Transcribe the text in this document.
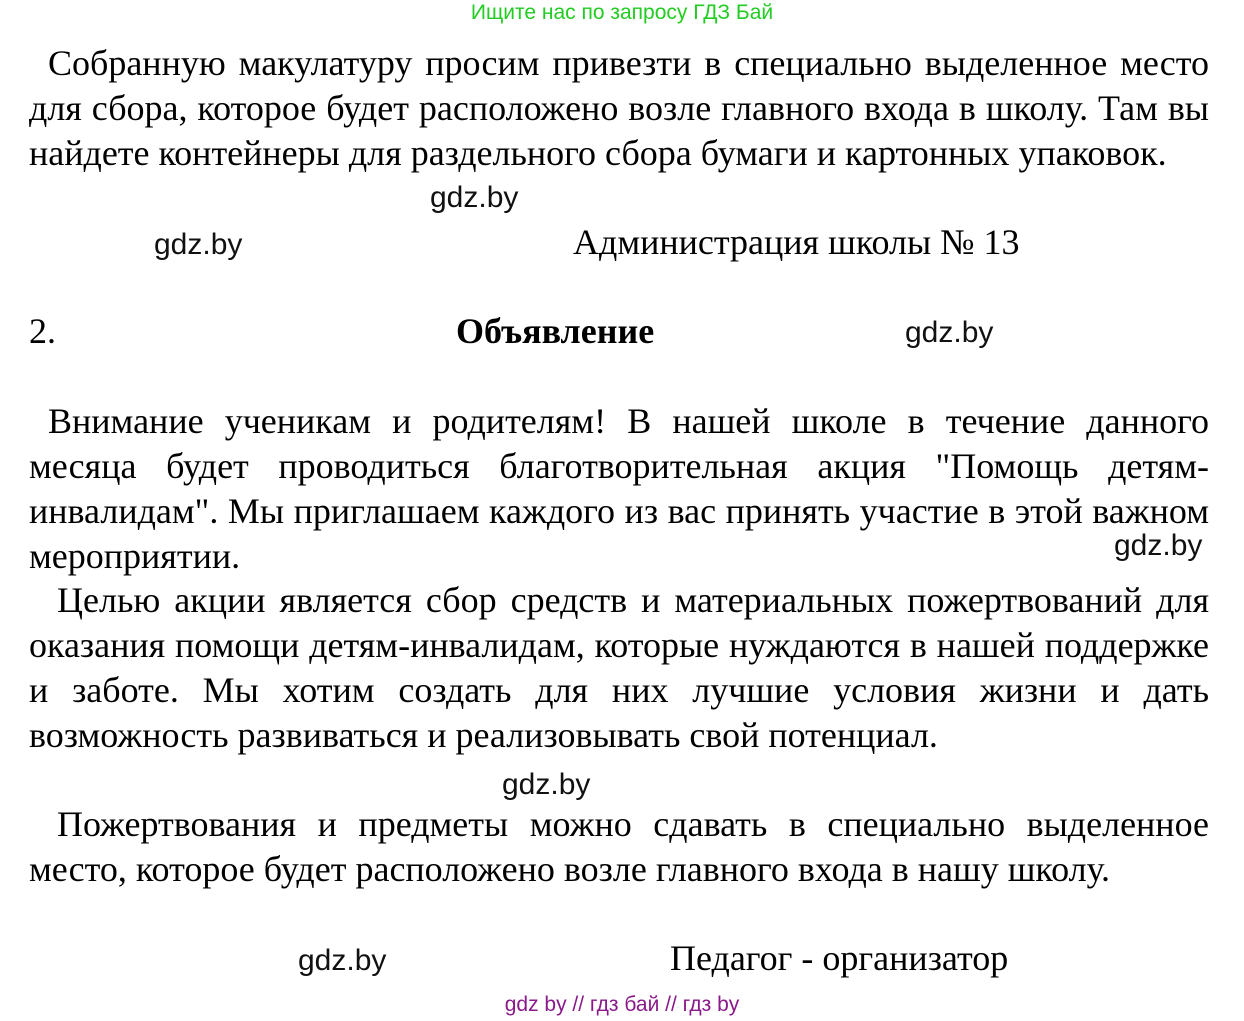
Ищите нас по запросу ГДЗ Бай

Собранную макулатуру просим привезти в специально выделенное место для сбора, которое будет расположено возле главного входа в школу. Там вы найдете контейнеры для раздельного сбора бумаги и картонных упаковок.

gdz.by
gdz.by	Администрация школы № 13
2.	Объявление	gdz.by

Внимание ученикам и родителям! В нашей школе в течение данного месяца будет проводиться благотворительная акция "Помощь детям-инвалидам". Мы приглашаем каждого из вас принять участие в этой важном мероприятии.	gdz.by

Целью акции является сбор средств и материальных пожертвований для оказания помощи детям-инвалидам, которые нуждаются в нашей поддержке и заботе. Мы хотим создать для них лучшие условия жизни и дать возможность развиваться и реализовывать свой потенциал.

gdz.by

Пожертвования и предметы можно сдавать в специально выделенное место, которое будет расположено возле главного входа в нашу школу.

gdz.by	Педагог - организатор
gdz by // гдз бай // гдз by
